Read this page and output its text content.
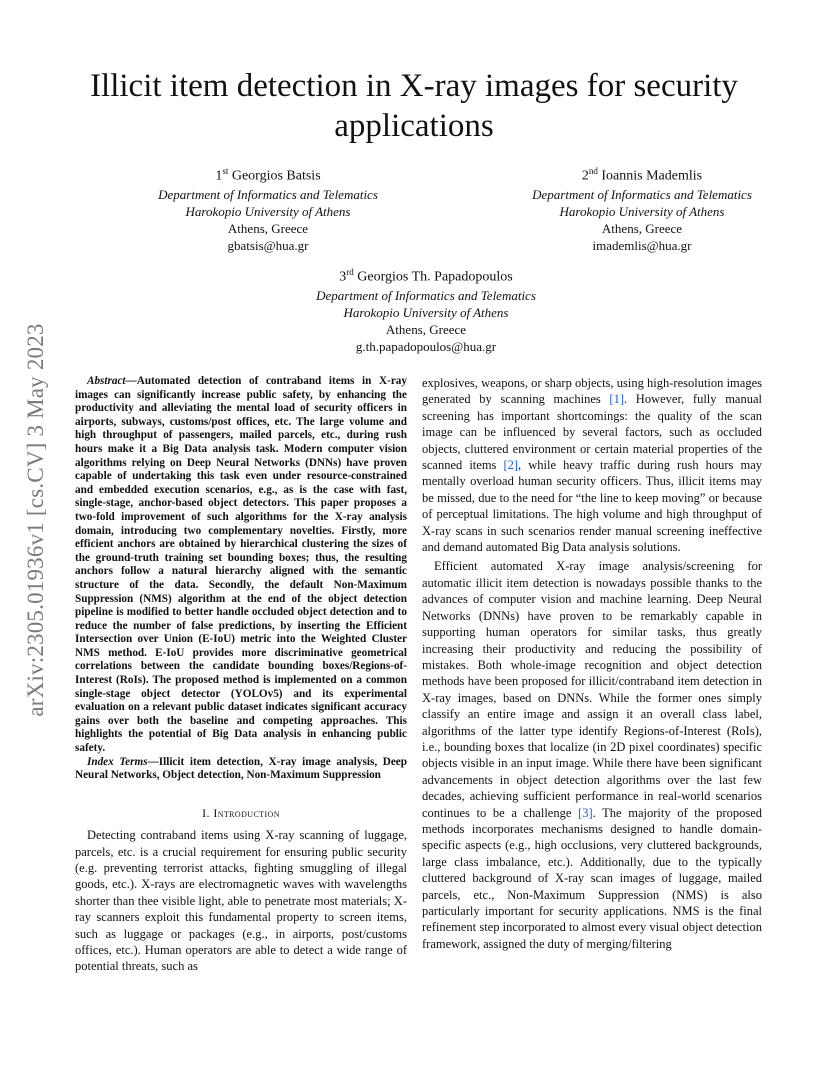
arXiv:2305.01936v1 [cs.CV] 3 May 2023
Illicit item detection in X-ray images for security applications
1st Georgios Batsis
Department of Informatics and Telematics
Harokopio University of Athens
Athens, Greece
gbatsis@hua.gr
2nd Ioannis Mademlis
Department of Informatics and Telematics
Harokopio University of Athens
Athens, Greece
imademlis@hua.gr
3rd Georgios Th. Papadopoulos
Department of Informatics and Telematics
Harokopio University of Athens
Athens, Greece
g.th.papadopoulos@hua.gr

Abstract—Automated detection of contraband items in X-ray images can significantly increase public safety, by enhancing the productivity and alleviating the mental load of security officers in airports, subways, customs/post offices, etc. The large volume and high throughput of passengers, mailed parcels, etc., during rush hours make it a Big Data analysis task. Modern computer vision algorithms relying on Deep Neural Networks (DNNs) have proven capable of undertaking this task even under resource-constrained and embedded execution scenarios, e.g., as is the case with fast, single-stage, anchor-based object detectors. This paper proposes a two-fold improvement of such algorithms for the X-ray analysis domain, introducing two complementary novelties. Firstly, more efficient anchors are obtained by hierarchical clustering the sizes of the ground-truth training set bounding boxes; thus, the resulting anchors follow a natural hierarchy aligned with the semantic structure of the data. Secondly, the default Non-Maximum Suppression (NMS) algorithm at the end of the object detection pipeline is modified to better handle occluded object detection and to reduce the number of false predictions, by inserting the Efficient Intersection over Union (E-IoU) metric into the Weighted Cluster NMS method. E-IoU provides more discriminative geometrical correlations between the candidate bounding boxes/Regions-of-Interest (RoIs). The proposed method is implemented on a common single-stage object detector (YOLOv5) and its experimental evaluation on a relevant public dataset indicates significant accuracy gains over both the baseline and competing approaches. This highlights the potential of Big Data analysis in enhancing public safety.

Index Terms—Illicit item detection, X-ray image analysis, Deep Neural Networks, Object detection, Non-Maximum Suppression

I. Introduction

Detecting contraband items using X-ray scanning of luggage, parcels, etc. is a crucial requirement for ensuring public security (e.g. preventing terrorist attacks, fighting smuggling of illegal goods, etc.). X-rays are electromagnetic waves with wavelengths shorter than thee visible light, able to penetrate most materials; X-ray scanners exploit this fundamental property to screen items, such as luggage or packages (e.g., in airports, post/customs offices, etc.). Human operators are able to detect a wide range of potential threats, such as

explosives, weapons, or sharp objects, using high-resolution images generated by scanning machines [1]. However, fully manual screening has important shortcomings: the quality of the scan image can be influenced by several factors, such as occluded objects, cluttered environment or certain material properties of the scanned items [2], while heavy traffic during rush hours may mentally overload human security officers. Thus, illicit items may be missed, due to the need for “the line to keep moving” or because of perceptual limitations. The high volume and high throughput of X-ray scans in such scenarios render manual screening ineffective and demand automated Big Data analysis solutions.

Efficient automated X-ray image analysis/screening for automatic illicit item detection is nowadays possible thanks to the advances of computer vision and machine learning. Deep Neural Networks (DNNs) have proven to be remarkably capable in supporting human operators for similar tasks, thus greatly increasing their productivity and reducing the possibility of mistakes. Both whole-image recognition and object detection methods have been proposed for illicit/contraband item detection in X-ray images, based on DNNs. While the former ones simply classify an entire image and assign it an overall class label, algorithms of the latter type identify Regions-of-Interest (RoIs), i.e., bounding boxes that localize (in 2D pixel coordinates) specific objects visible in an input image. While there have been significant advancements in object detection algorithms over the last few decades, achieving sufficient performance in real-world scenarios continues to be a challenge [3]. The majority of the proposed methods incorporates mechanisms designed to handle domain-specific aspects (e.g., high occlusions, very cluttered backgrounds, large class imbalance, etc.). Additionally, due to the typically cluttered background of X-ray scan images of luggage, mailed parcels, etc., Non-Maximum Suppression (NMS) is also particularly important for security applications. NMS is the final refinement step incorporated to almost every visual object detection framework, assigned the duty of merging/filtering
